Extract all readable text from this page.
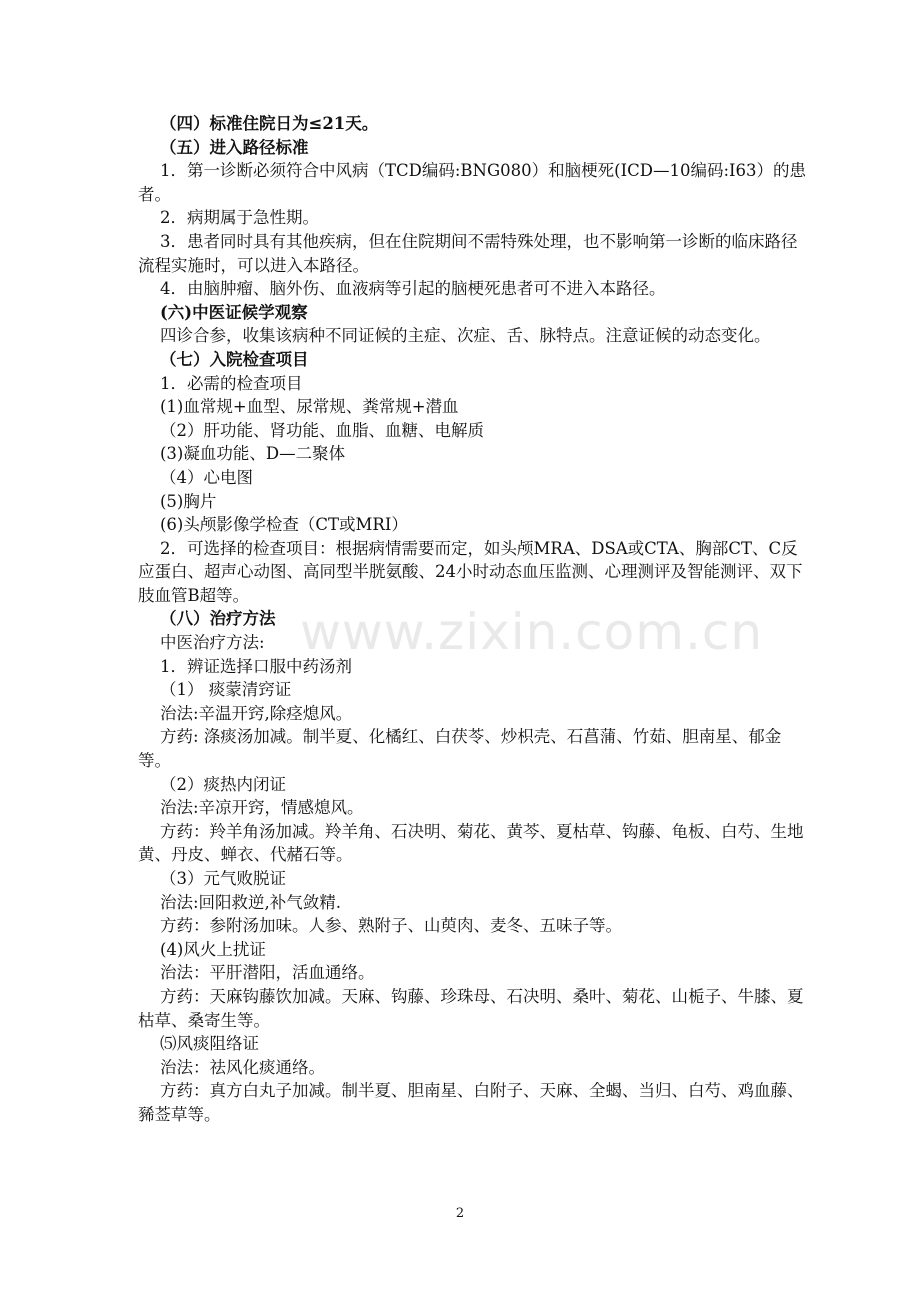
www.zixin.com.cn
（四）标准住院日为≤21天。
（五）进入路径标准
1．第一诊断必须符合中风病（TCD编码:BNG080）和脑梗死(ICD—10编码:I63）的患者。
2．病期属于急性期。
3．患者同时具有其他疾病，但在住院期间不需特殊处理，也不影响第一诊断的临床路径流程实施时，可以进入本路径。
4．由脑肿瘤、脑外伤、血液病等引起的脑梗死患者可不进入本路径。
(六)中医证候学观察
四诊合参，收集该病种不同证候的主症、次症、舌、脉特点。注意证候的动态变化。
（七）入院检查项目
1．必需的检查项目
(1)血常规+血型、尿常规、粪常规+潜血
（2）肝功能、肾功能、血脂、血糖、电解质
(3)凝血功能、D—二聚体
（4）心电图
(5)胸片
(6)头颅影像学检查（CT或MRI）
2．可选择的检查项目：根据病情需要而定，如头颅MRA、DSA或CTA、胸部CT、C反应蛋白、超声心动图、高同型半胱氨酸、24小时动态血压监测、心理测评及智能测评、双下肢血管B超等。
（八）治疗方法
中医治疗方法:
1．辨证选择口服中药汤剂
（1） 痰蒙清窍证
治法:辛温开窍,除痉熄风。
方药: 涤痰汤加减。制半夏、化橘红、白茯苓、炒枳壳、石菖蒲、竹茹、胆南星、郁金等。
（2）痰热内闭证
治法:辛凉开窍，情感熄风。
方药：羚羊角汤加减。羚羊角、石决明、菊花、黄芩、夏枯草、钩藤、龟板、白芍、生地黄、丹皮、蝉衣、代赭石等。
（3）元气败脱证
治法:回阳救逆,补气敛精.
方药：参附汤加味。人参、熟附子、山萸肉、麦冬、五味子等。
(4)风火上扰证
治法：平肝潜阳，活血通络。
方药：天麻钩藤饮加减。天麻、钩藤、珍珠母、石决明、桑叶、菊花、山栀子、牛膝、夏枯草、桑寄生等。
⑸风痰阻络证
治法：祛风化痰通络。
方药：真方白丸子加减。制半夏、胆南星、白附子、天麻、全蝎、当归、白芍、鸡血藤、豨莶草等。
2
